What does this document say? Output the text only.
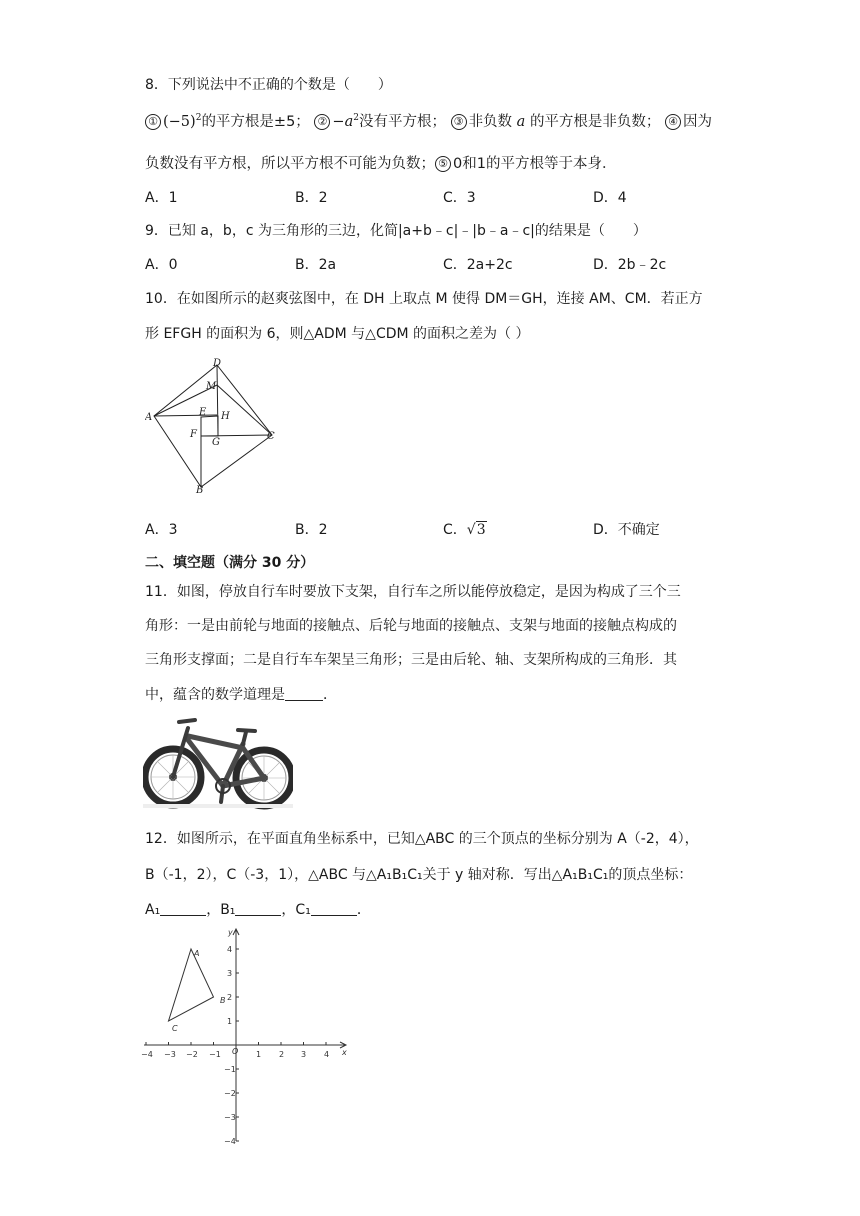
8．下列说法中不正确的个数是（　　）
① $(-5)^2$的平方根是±5； ② $-a^2$没有平方根； ③ 非负数 a 的平方根是非负数； ④ 因为
负数没有平方根，所以平方根不可能为负数； ⑤ 0和1的平方根等于本身．
A．1	B．2	C．3	D．4
9．已知 a，b，c 为三角形的三边，化简|a+b﹣c|﹣|b﹣a﹣c|的结果是（　　）
A．0	B．2a	C．2a+2c	D．2b﹣2c
10．在如图所示的赵爽弦图中，在 DH 上取点 M 使得 DM＝GH，连接 AM、CM．若正方
形 EFGH 的面积为 6，则△ADM 与△CDM 的面积之差为（ ）
D
M
A	E H
F
G
C
B
A．3	B．2	C．√3	D．不确定
二、填空题（满分 30 分）
11．如图，停放自行车时要放下支架，自行车之所以能停放稳定，是因为构成了三个三
角形：一是由前轮与地面的接触点、后轮与地面的接触点、支架与地面的接触点构成的
三角形支撑面；二是自行车车架呈三角形；三是由后轮、轴、支架所构成的三角形．其
中，蕴含的数学道理是	．
12．如图所示，在平面直角坐标系中，已知△ABC 的三个顶点的坐标分别为 A（-2，4），
B（-1，2），C（-3，1），△ABC 与△A₁B₁C₁关于 y 轴对称．写出△A₁B₁C₁的顶点坐标：
A₁	，B₁	，C₁	．
−4 −3 −2 −1	1 2 3 4
4
3
2
1
−1
−2
−3
−4
O	x
y
A
B
C
